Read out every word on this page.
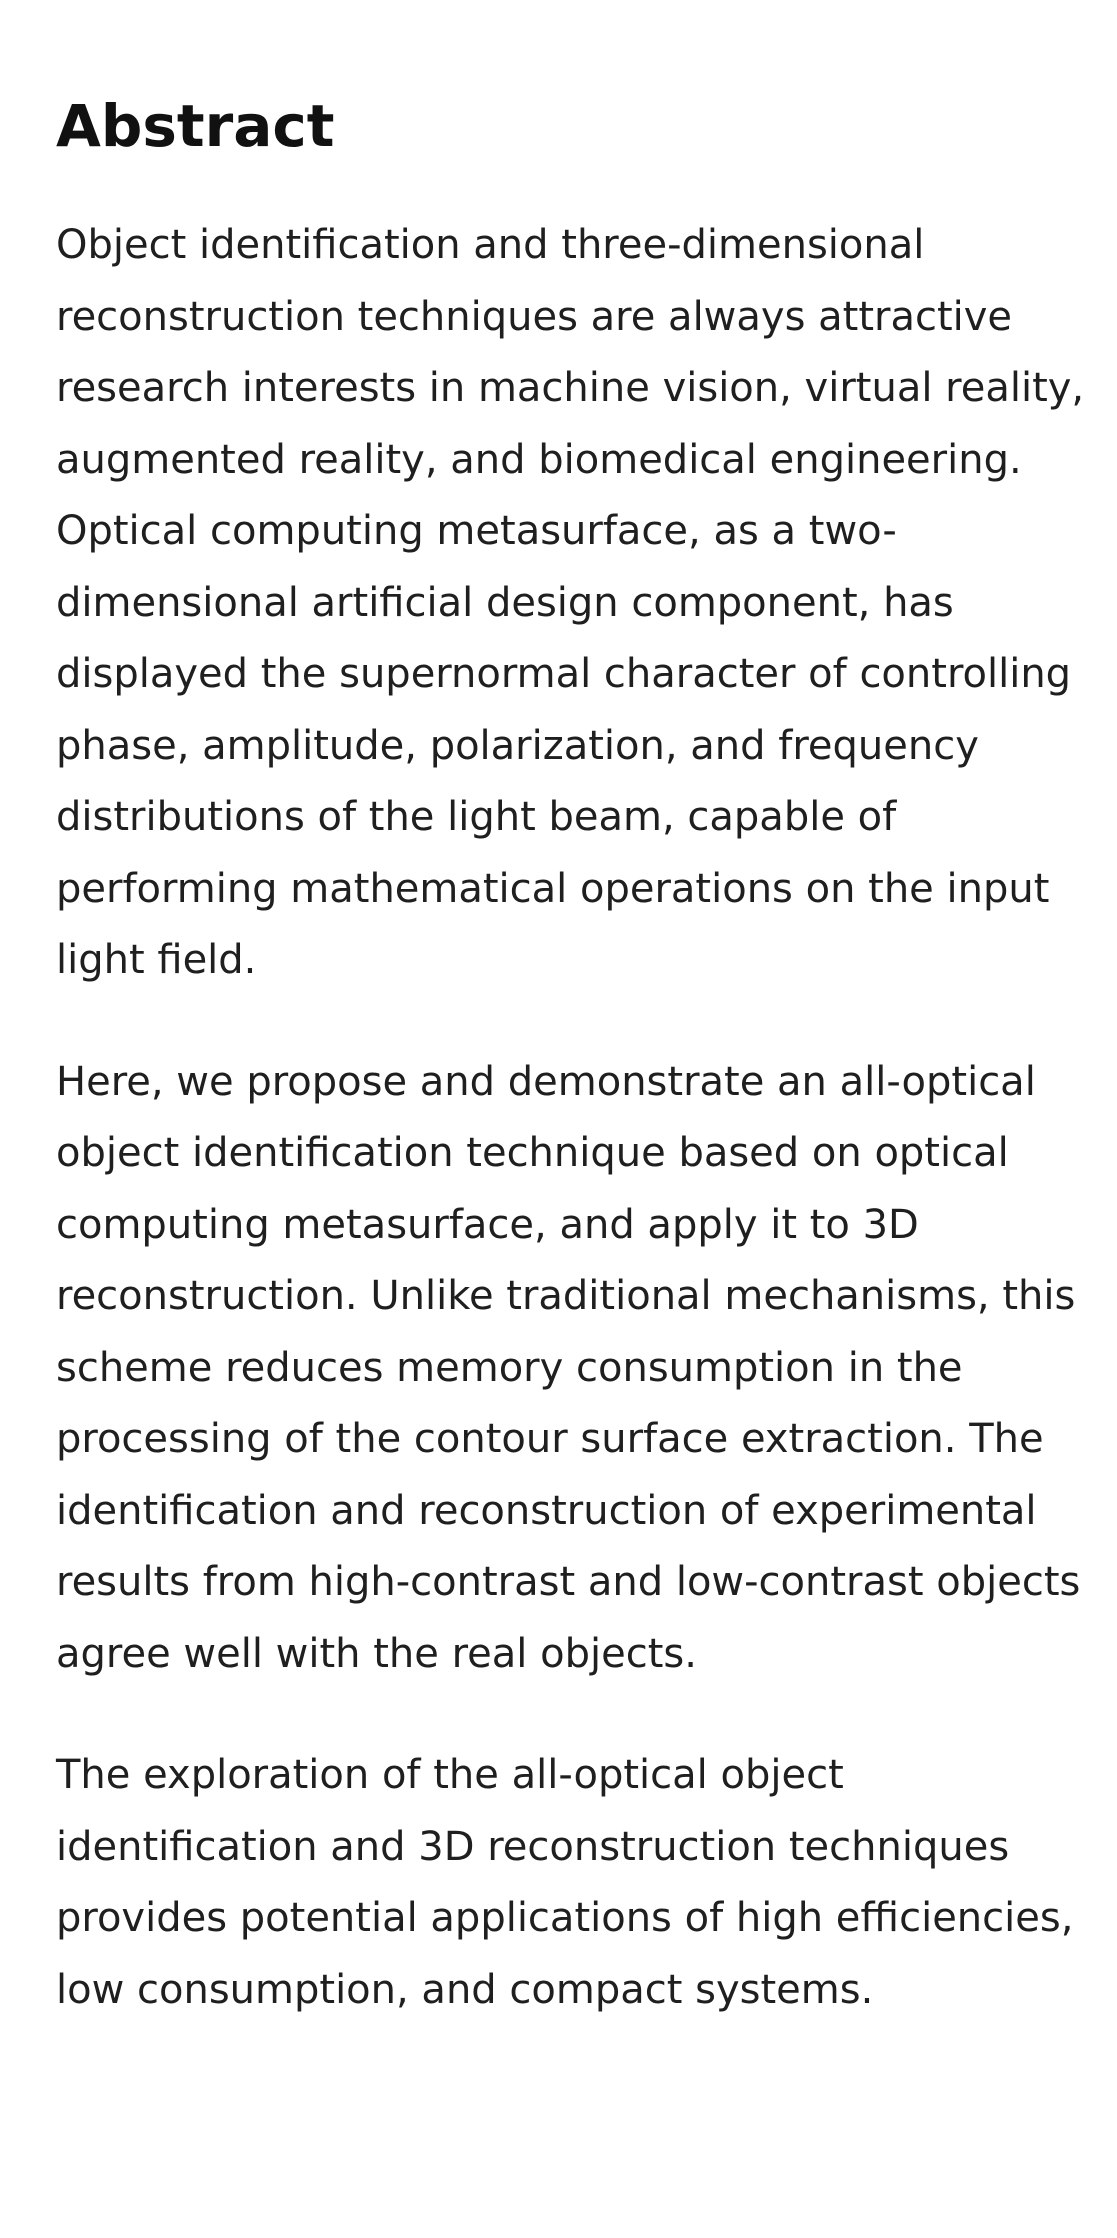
Abstract

Object identification and three-dimensional reconstruction techniques are always attractive research interests in machine vision, virtual reality, augmented reality, and biomedical engineering. Optical computing metasurface, as a two-dimensional artificial design component, has displayed the supernormal character of controlling phase, amplitude, polarization, and frequency distributions of the light beam, capable of performing mathematical operations on the input light field.

Here, we propose and demonstrate an all-optical object identification technique based on optical computing metasurface, and apply it to 3D reconstruction. Unlike traditional mechanisms, this scheme reduces memory consumption in the processing of the contour surface extraction. The identification and reconstruction of experimental results from high-contrast and low-contrast objects agree well with the real objects.

The exploration of the all-optical object identification and 3D reconstruction techniques provides potential applications of high efficiencies, low consumption, and compact systems.
